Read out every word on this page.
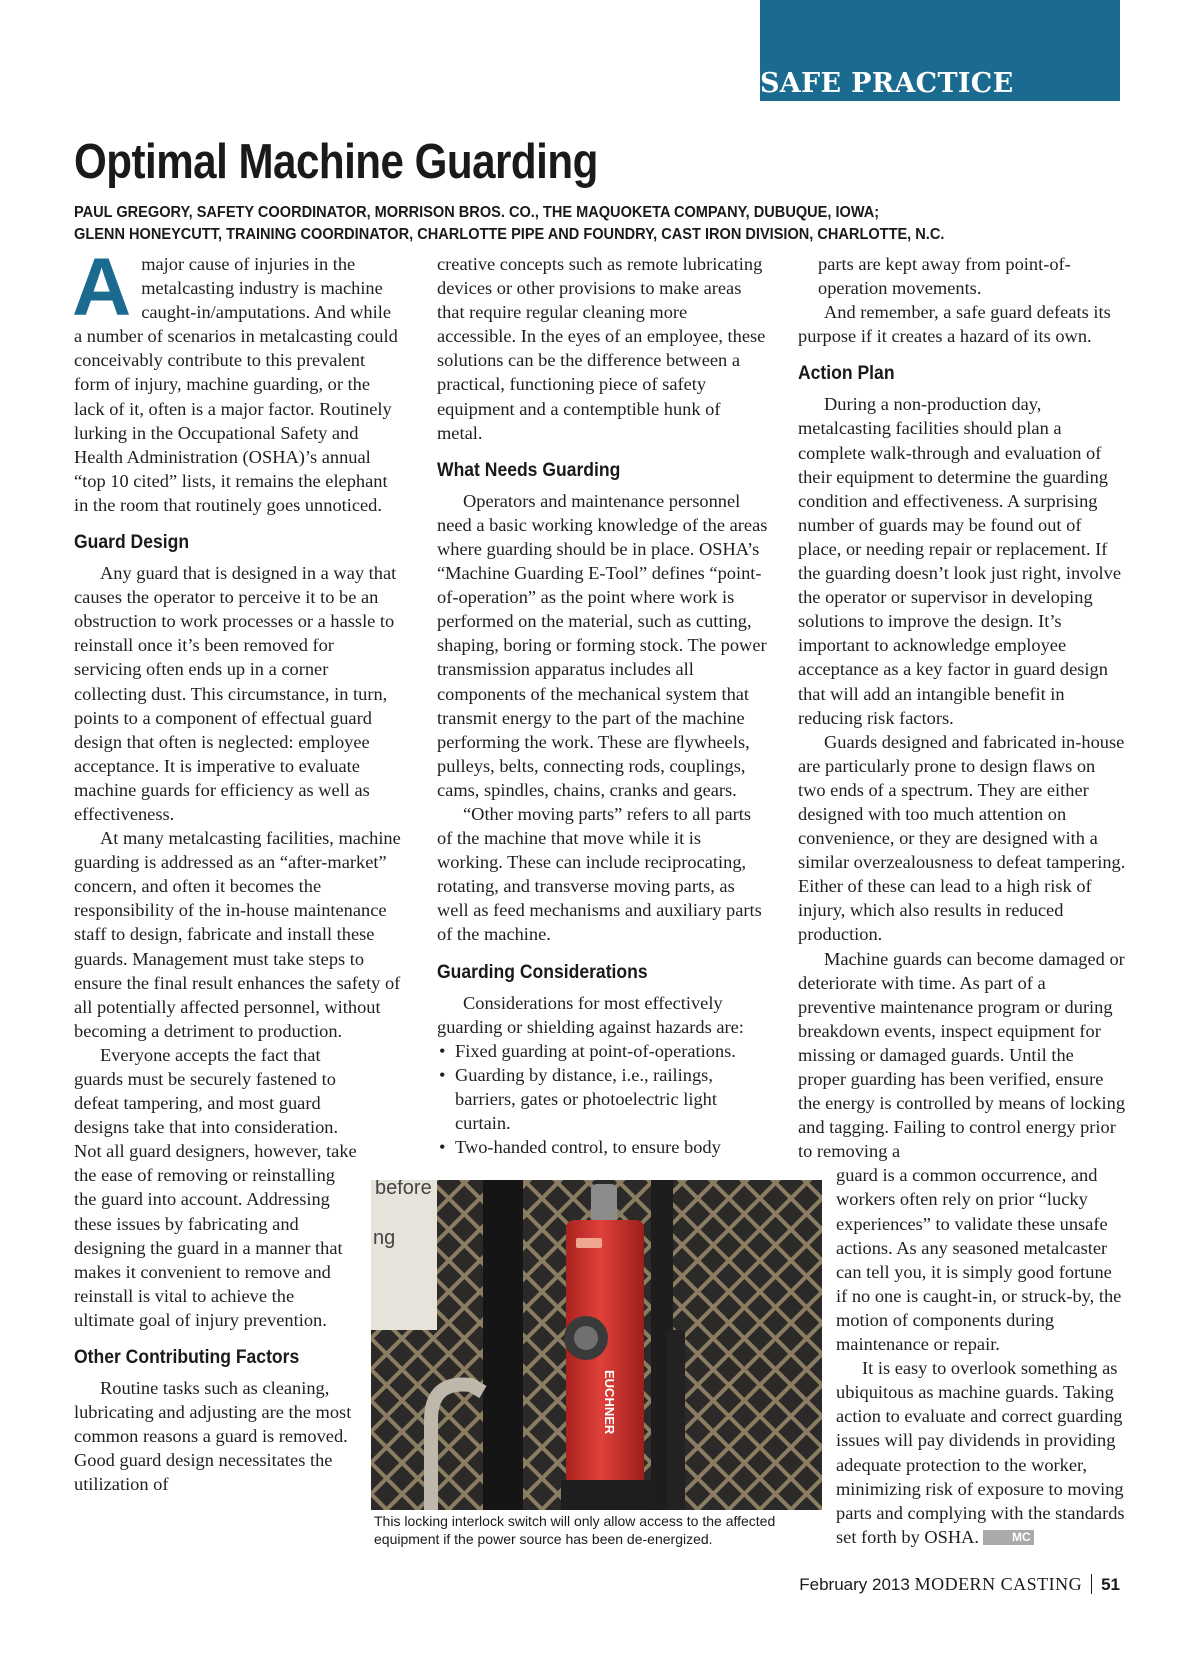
SAFE PRACTICE
Optimal Machine Guarding
PAUL GREGORY, SAFETY COORDINATOR, MORRISON BROS. CO., THE MAQUOKETA COMPANY, DUBUQUE, IOWA;
GLENN HONEYCUTT, TRAINING COORDINATOR, CHARLOTTE PIPE AND FOUNDRY, CAST IRON DIVISION, CHARLOTTE, N.C.

A major cause of injuries in the metalcasting industry is machine caught-in/amputations. And while a number of scenarios in metalcasting could conceivably contribute to this prevalent form of injury, machine guarding, or the lack of it, often is a major factor. Routinely lurking in the Occupational Safety and Health Administration (OSHA)’s annual “top 10 cited” lists, it remains the elephant in the room that routinely goes unnoticed.

Guard Design

Any guard that is designed in a way that causes the operator to perceive it to be an obstruction to work processes or a hassle to reinstall once it’s been removed for servicing often ends up in a corner collecting dust. This circumstance, in turn, points to a component of effectual guard design that often is neglected: employee acceptance. It is imperative to evaluate machine guards for efficiency as well as effectiveness.

At many metalcasting facilities, machine guarding is addressed as an “after-market” concern, and often it becomes the responsibility of the in-house maintenance staff to design, fabricate and install these guards. Management must take steps to ensure the final result enhances the safety of all potentially affected personnel, without becoming a detriment to production.

Everyone accepts the fact that guards must be securely fastened to defeat tampering, and most guard designs take that into consideration. Not all guard designers, however, take the ease of removing or reinstalling the guard into account. Addressing these issues by fabricating and designing the guard in a manner that makes it convenient to remove and reinstall is vital to achieve the ultimate goal of injury prevention.

Other Contributing Factors

Routine tasks such as cleaning, lubricating and adjusting are the most common reasons a guard is removed. Good guard design necessitates the utilization of

creative concepts such as remote lubricating devices or other provisions to make areas that require regular cleaning more accessible. In the eyes of an employee, these solutions can be the difference between a practical, functioning piece of safety equipment and a contemptible hunk of metal.

What Needs Guarding

Operators and maintenance personnel need a basic working knowledge of the areas where guarding should be in place. OSHA’s “Machine Guarding E-Tool” defines “point-of-operation” as the point where work is performed on the material, such as cutting, shaping, boring or forming stock. The power transmission apparatus includes all components of the mechanical system that transmit energy to the part of the machine performing the work. These are flywheels, pulleys, belts, connecting rods, couplings, cams, spindles, chains, cranks and gears.

“Other moving parts” refers to all parts of the machine that move while it is working. These can include reciprocating, rotating, and transverse moving parts, as well as feed mechanisms and auxiliary parts of the machine.

Guarding Considerations

Considerations for most effectively guarding or shielding against hazards are:

• Fixed guarding at point-of-operations.
• Guarding by distance, i.e., railings, barriers, gates or photoelectric light curtain.
• Two-handed control, to ensure body

parts are kept away from point-of-operation movements.

And remember, a safe guard defeats its purpose if it creates a hazard of its own.

Action Plan

During a non-production day, metalcasting facilities should plan a complete walk-through and evaluation of their equipment to determine the guarding condition and effectiveness. A surprising number of guards may be found out of place, or needing repair or replacement. If the guarding doesn’t look just right, involve the operator or supervisor in developing solutions to improve the design. It’s important to acknowledge employee acceptance as a key factor in guard design that will add an intangible benefit in reducing risk factors.

Guards designed and fabricated in-house are particularly prone to design flaws on two ends of a spectrum. They are either designed with too much attention on convenience, or they are designed with a similar overzealousness to defeat tampering. Either of these can lead to a high risk of injury, which also results in reduced production.

Machine guards can become damaged or deteriorate with time. As part of a preventive maintenance program or during breakdown events, inspect equipment for missing or damaged guards. Until the proper guarding has been verified, ensure the energy is controlled by means of locking and tagging. Failing to control energy prior to removing a

guard is a common occurrence, and workers often rely on prior “lucky experiences” to validate these unsafe actions. As any seasoned metalcaster can tell you, it is simply good fortune if no one is caught-in, or struck-by, the motion of components during maintenance or repair.

It is easy to overlook something as ubiquitous as machine guards. Taking action to evaluate and correct guarding issues will pay dividends in providing adequate protection to the worker, minimizing risk of exposure to moving parts and complying with the standards set forth by OSHA.	MC

before
ng
EUCHNER
This locking interlock switch will only allow access to the affected equipment if the power source has been de-energized.
February 2013 MODERN CASTING 51
